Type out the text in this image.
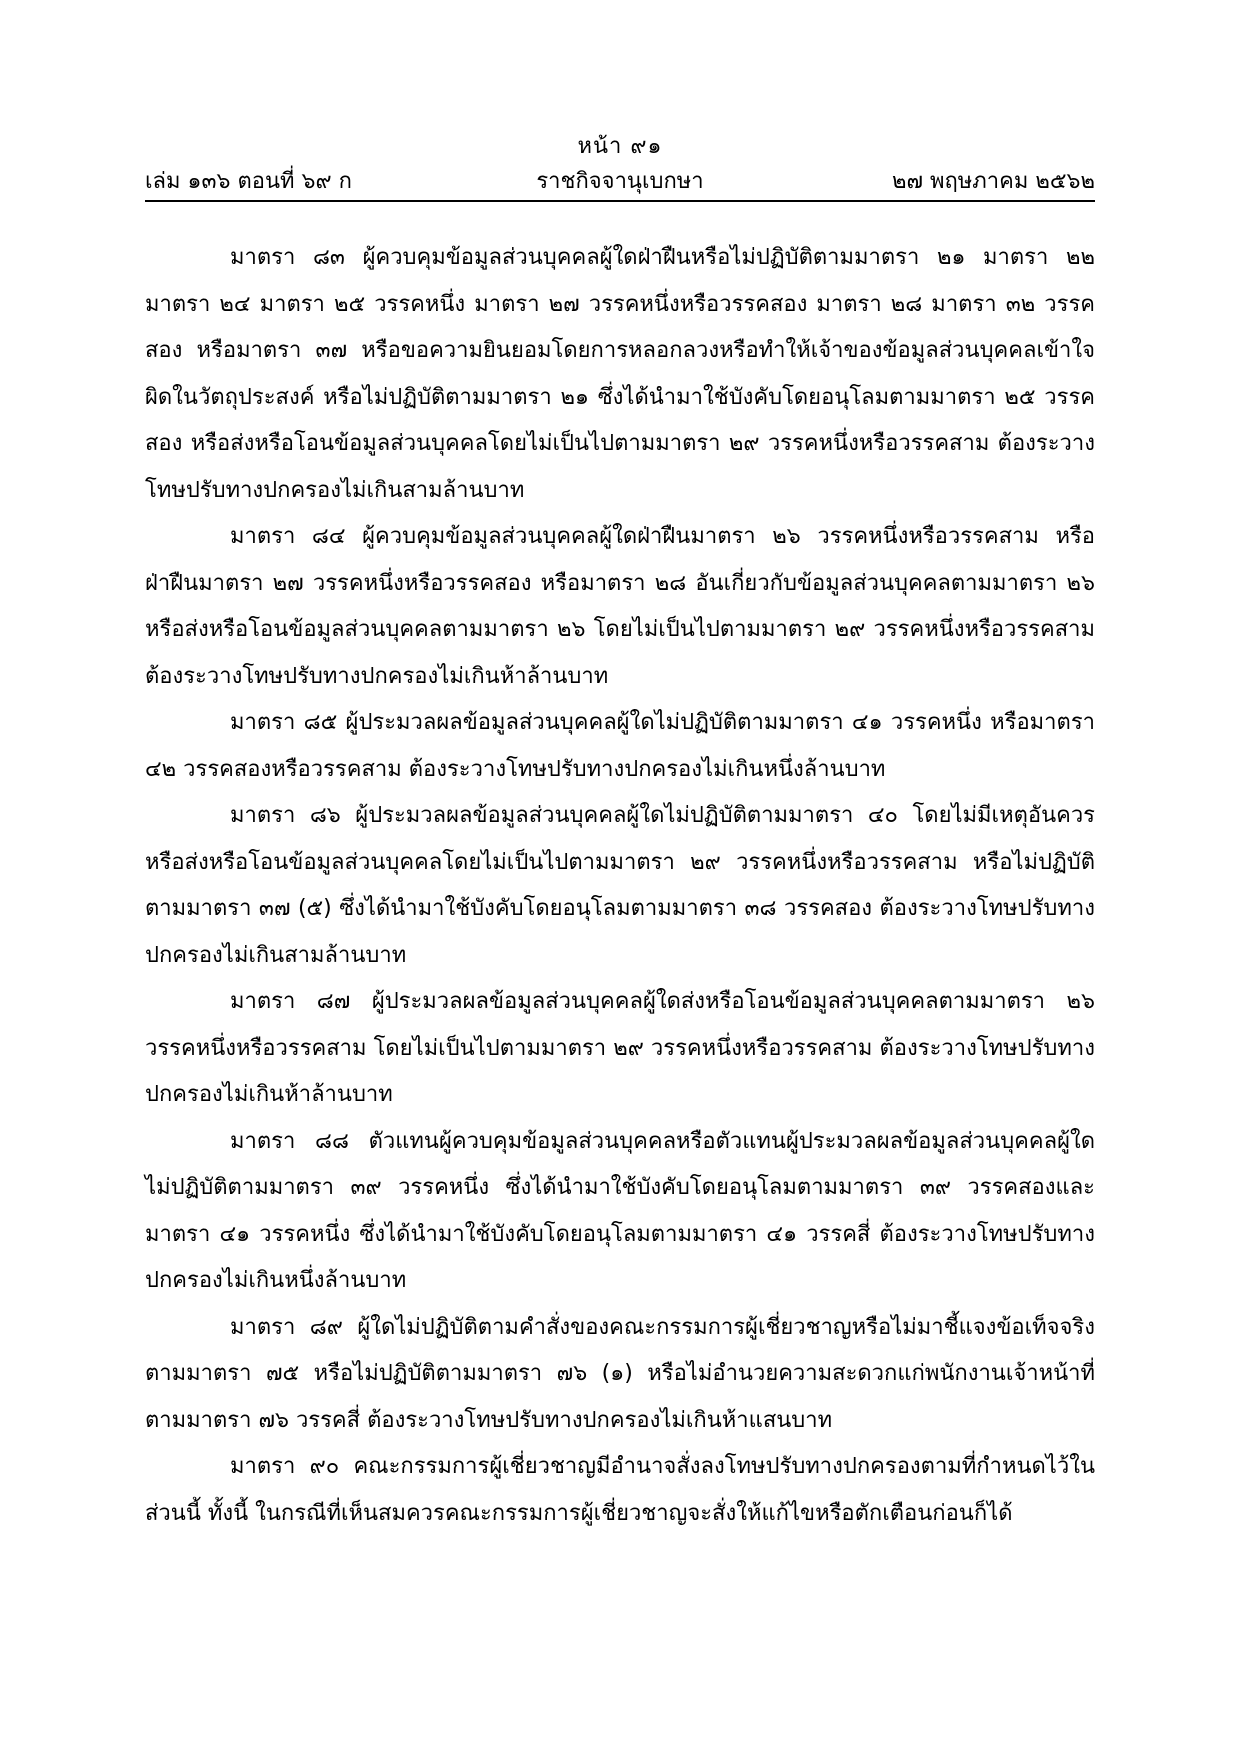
หน้า ๙๑
เล่ม ๑๓๖ ตอนที่ ๖๙ ก	ราชกิจจานุเบกษา	๒๗ พฤษภาคม ๒๕๖๒

มาตรา ๘๓ ผู้ควบคุมข้อมูลส่วนบุคคลผู้ใดฝ่าฝืนหรือไม่ปฏิบัติตามมาตรา ๒๑ มาตรา ๒๒ มาตรา ๒๔ มาตรา ๒๕ วรรคหนึ่ง มาตรา ๒๗ วรรคหนึ่งหรือวรรคสอง มาตรา ๒๘ มาตรา ๓๒ วรรคสอง หรือมาตรา ๓๗ หรือขอความยินยอมโดยการหลอกลวงหรือทำให้เจ้าของข้อมูลส่วนบุคคลเข้าใจผิดในวัตถุประสงค์ หรือไม่ปฏิบัติตามมาตรา ๒๑ ซึ่งได้นำมาใช้บังคับโดยอนุโลมตามมาตรา ๒๕ วรรคสอง หรือส่งหรือโอนข้อมูลส่วนบุคคลโดยไม่เป็นไปตามมาตรา ๒๙ วรรคหนึ่งหรือวรรคสาม ต้องระวางโทษปรับทางปกครองไม่เกินสามล้านบาท

มาตรา ๘๔ ผู้ควบคุมข้อมูลส่วนบุคคลผู้ใดฝ่าฝืนมาตรา ๒๖ วรรคหนึ่งหรือวรรคสาม หรือฝ่าฝืนมาตรา ๒๗ วรรคหนึ่งหรือวรรคสอง หรือมาตรา ๒๘ อันเกี่ยวกับข้อมูลส่วนบุคคลตามมาตรา ๒๖ หรือส่งหรือโอนข้อมูลส่วนบุคคลตามมาตรา ๒๖ โดยไม่เป็นไปตามมาตรา ๒๙ วรรคหนึ่งหรือวรรคสาม ต้องระวางโทษปรับทางปกครองไม่เกินห้าล้านบาท

มาตรา ๘๕ ผู้ประมวลผลข้อมูลส่วนบุคคลผู้ใดไม่ปฏิบัติตามมาตรา ๔๑ วรรคหนึ่ง หรือมาตรา ๔๒ วรรคสองหรือวรรคสาม ต้องระวางโทษปรับทางปกครองไม่เกินหนึ่งล้านบาท

มาตรา ๘๖ ผู้ประมวลผลข้อมูลส่วนบุคคลผู้ใดไม่ปฏิบัติตามมาตรา ๔๐ โดยไม่มีเหตุอันควรหรือส่งหรือโอนข้อมูลส่วนบุคคลโดยไม่เป็นไปตามมาตรา ๒๙ วรรคหนึ่งหรือวรรคสาม หรือไม่ปฏิบัติตามมาตรา ๓๗ (๕) ซึ่งได้นำมาใช้บังคับโดยอนุโลมตามมาตรา ๓๘ วรรคสอง ต้องระวางโทษปรับทางปกครองไม่เกินสามล้านบาท

มาตรา ๘๗ ผู้ประมวลผลข้อมูลส่วนบุคคลผู้ใดส่งหรือโอนข้อมูลส่วนบุคคลตามมาตรา ๒๖ วรรคหนึ่งหรือวรรคสาม โดยไม่เป็นไปตามมาตรา ๒๙ วรรคหนึ่งหรือวรรคสาม ต้องระวางโทษปรับทางปกครองไม่เกินห้าล้านบาท

มาตรา ๘๘ ตัวแทนผู้ควบคุมข้อมูลส่วนบุคคลหรือตัวแทนผู้ประมวลผลข้อมูลส่วนบุคคลผู้ใดไม่ปฏิบัติตามมาตรา ๓๙ วรรคหนึ่ง ซึ่งได้นำมาใช้บังคับโดยอนุโลมตามมาตรา ๓๙ วรรคสองและมาตรา ๔๑ วรรคหนึ่ง ซึ่งได้นำมาใช้บังคับโดยอนุโลมตามมาตรา ๔๑ วรรคสี่ ต้องระวางโทษปรับทางปกครองไม่เกินหนึ่งล้านบาท

มาตรา ๘๙ ผู้ใดไม่ปฏิบัติตามคำสั่งของคณะกรรมการผู้เชี่ยวชาญหรือไม่มาชี้แจงข้อเท็จจริงตามมาตรา ๗๕ หรือไม่ปฏิบัติตามมาตรา ๗๖ (๑) หรือไม่อำนวยความสะดวกแก่พนักงานเจ้าหน้าที่ตามมาตรา ๗๖ วรรคสี่ ต้องระวางโทษปรับทางปกครองไม่เกินห้าแสนบาท

มาตรา ๙๐ คณะกรรมการผู้เชี่ยวชาญมีอำนาจสั่งลงโทษปรับทางปกครองตามที่กำหนดไว้ในส่วนนี้ ทั้งนี้ ในกรณีที่เห็นสมควรคณะกรรมการผู้เชี่ยวชาญจะสั่งให้แก้ไขหรือตักเตือนก่อนก็ได้
